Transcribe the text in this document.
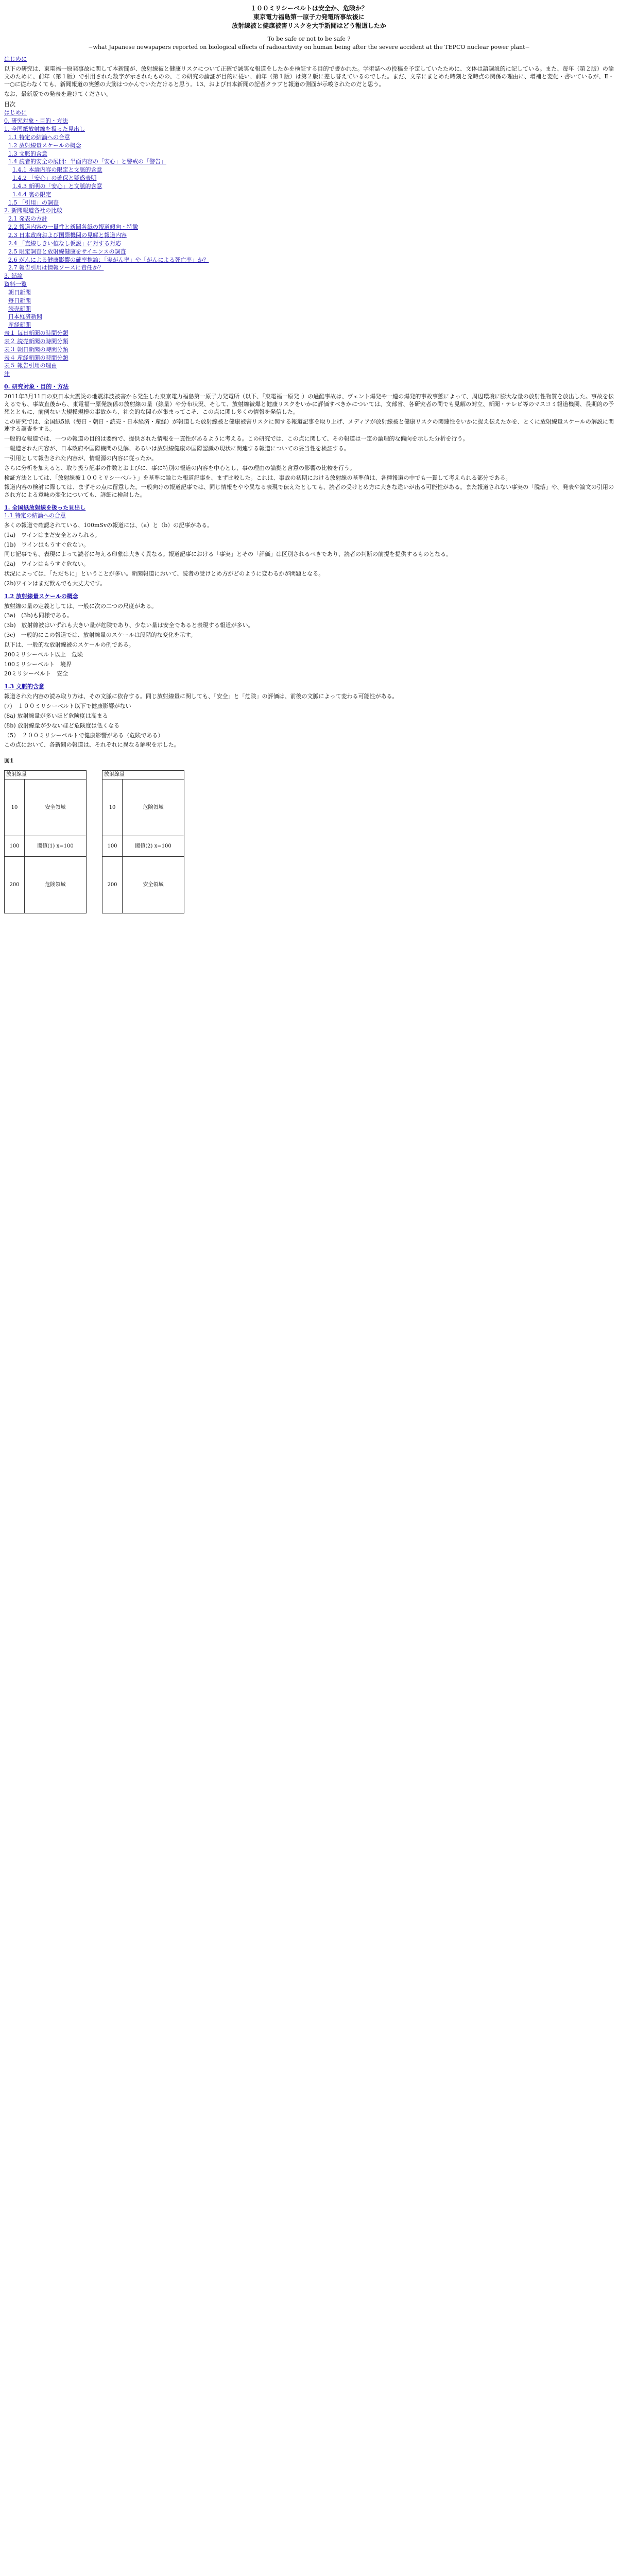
１００ミリシーベルトは安全か、危険か？
東京電力福島第一原子力発電所事故後に
放射線被と健康被害リスクを大手新聞はどう報道したか
To be safe or not to be safe ?
−what Japanese newspapers reported on biological effects of radioactivity on human being after the severe accident at the TEPCO nuclear power plant−
はじめに

以下の研究は、東電福一原発事故に関して本新聞が、放射線被と健康リスクについて正確で誠実な報道をしたかを検証する目的で書かれた。学術誌への投稿を予定していたために、文体は語調説的に記している。また、毎年（第２版）の論文のために、前年（第１版）で引用された数字が示されたものの、この研究の論証が目的に従い、前年（第１版）は第２版に差し替えているのでした。まだ、文章にまとめた時刻と発時点の関係の理由に、增補と変化・書いているが、Ⅱ・一○に従わなくても、新聞報道の実態の大筋はつかんでいただけると思う。13、および日本新聞の記者クラブと報道の側面が示唆されたのだと思う。

なお、最新版での発表を避けてください。

目次
はじめに
0. 研究対象・目的・方法
1. 全国紙放射線を扱った見出し
1.1 特定の結論への合意
1.2 放射線量スケールの概念
1.3 文脈的含意
1.4 読者的安全の展開：半面内容の「安心」と警戒の「警告」
1.4.1 本論内容の限定と文脈的含意
1.4.2 「安心」の確保と疑惑表明
1.4.3 新明の「安心」と文脈的含意
1.4.4 裏の限定
1.5 「引用」の調査
2. 新聞報道各社の比較
2.1 発表の方針
2.2 報道内容の一貫性と新聞各紙の報道傾向・特徴
2.3 日本政府および国際機関の見解と報道内容
2.4 「直線しきい値なし仮説」に対する対応
2.5 限定調査と放射線健康をサイエンスの調査
2.6 がんによる健康影響の確率推論：「実がん率」や「がんによる死亡率」か？
2.7 報告引用は情報ソースに責任か？
3. 結論
資料一覧
朝日新聞
毎日新聞
読売新聞
日本経済新聞
産経新聞
表１ 毎日新聞の時間分類
表２ 読売新聞の時間分類
表３ 朝日新聞の時間分類
表４ 産経新聞の時間分類
表５ 報告引用の理由
注
0. 研究対象・目的・方法

2011年3月11日の東日本大震災の地震津波被害から発生した東京電力福島第一原子力発電所（以下、「東電福一原発」）の過酷事故は、ヴェント爆発や一連の爆発的事故事態によって、周辺環境に膨大な量の放射性物質を放出した。事故を伝えるでも、事故直後から、東電福一原発族係の放射線の量（線量）や分布状況、そして、放射線被爆と健康リスクをいかに評価すべきかについては、文部省、各研究者の間でも見解の対立、新聞・テレビ等のマスコミ報道機関、長期的の予想とともに、前例ない大規模規模の事故から、社会的な関心が集まってこそ、この点に関し多くの情報を発信した。

この研究では、全国紙5紙（毎日・朝日・読売・日本経済・産経）が報道した放射線被と健康被害リスクに関する報道記事を取り上げ、メディアが放射線被と健康リスクの関連性をいかに捉え伝えたかを、とくに放射線量スケールの解説に関連する調査をする。

一般的な報道では、一つの報道の目的は要約で、提供された情報を一貫性があるように考える。この研究では、この点に関して、その報道は一定の論理的な偏向を示した分析を行う。

一報道された内容が、日本政府や国際機関の見解、あるいは放射線健康の国際認識の現状に関連する報道についての妥当性を検証する。

一引用として報告された内容が、情報源の内容に従ったか。

さらに分析を加えると、取り扱う記事の件数とおよびに、事に特別の報道の内容を中心とし、事の理由の論拠と含意の影響の比較を行う。

検証方法としては、「放射線被１００ミリシーベルト」を基準に論じた報道記事を、まず比較した。これは、事故の初期における放射線の基準値は、各種報道の中でも一貫して考えられる部分である。

報道内容の検討に際しては、まずその点に留意した。一般向けの報道記事では、同じ情報をやや異なる表現で伝えたとしても、読者の受けとめ方に大きな違いが出る可能性がある。また報道されない事実の「脱落」や、発表や論文の引用のされ方による意味の変化についても、詳細に検討した。

1. 全国紙放射線を扱った見出し
1.1 特定の結論への合意

多くの報道で確認されている、100mSvの報道には、（a）と（b）の記事がある。

(1a)　ワインはまだ安全とみられる。

(1b)　ワインはもうすぐ危ない。

同じ記事でも、表現によって読者に与える印象は大きく異なる。報道記事における「事実」とその「評価」は区別されるべきであり、読者の判断の前提を提供するものとなる。

(2a)　ワインはもうすぐ危ない。

状況によっては、「ただちに」ということが多い。新聞報道において、読者の受けとめ方がどのように変わるかが問題となる。

(2b)ワインはまだ飲んでも大丈夫です。

1.2 放射線量スケールの概念

放射線の量の定義としては、一般に次の二つの尺度がある。

(3a)　(3b)も同様である。

(3b)　放射線被はいずれも大きい量が危険であり、少ない量は安全であると表現する報道が多い。

(3c)　一般的にこの報道では、放射線量のスケールは段階的な変化を示す。

以下は、一般的な放射線被のスケールの例である。

200ミリシーベルト以上　危険

100ミリシーベルト　境界

20ミリシーベルト　安全

1.3 文脈的含意

報道された内容の読み取り方は、その文脈に依存する。同じ放射線量に関しても、「安全」と「危険」の評価は、前後の文脈によって変わる可能性がある。

(7)　１００ミリシーベルト以下で健康影響がない

(8a) 放射線量が多いほど危険度は高まる

(8b) 放射線量が少ないほど危険度は低くなる

（5）　２００ミリシーベルトで健康影響がある（危険である）

この点において、各新聞の報道は、それぞれに異なる解釈を示した。

図1
放射線量	
10	安全領域
100	閾値(1) x=100
200	危険領域
放射線量	
10	危険領域
100	閾値(2) x=100
200	安全領域
